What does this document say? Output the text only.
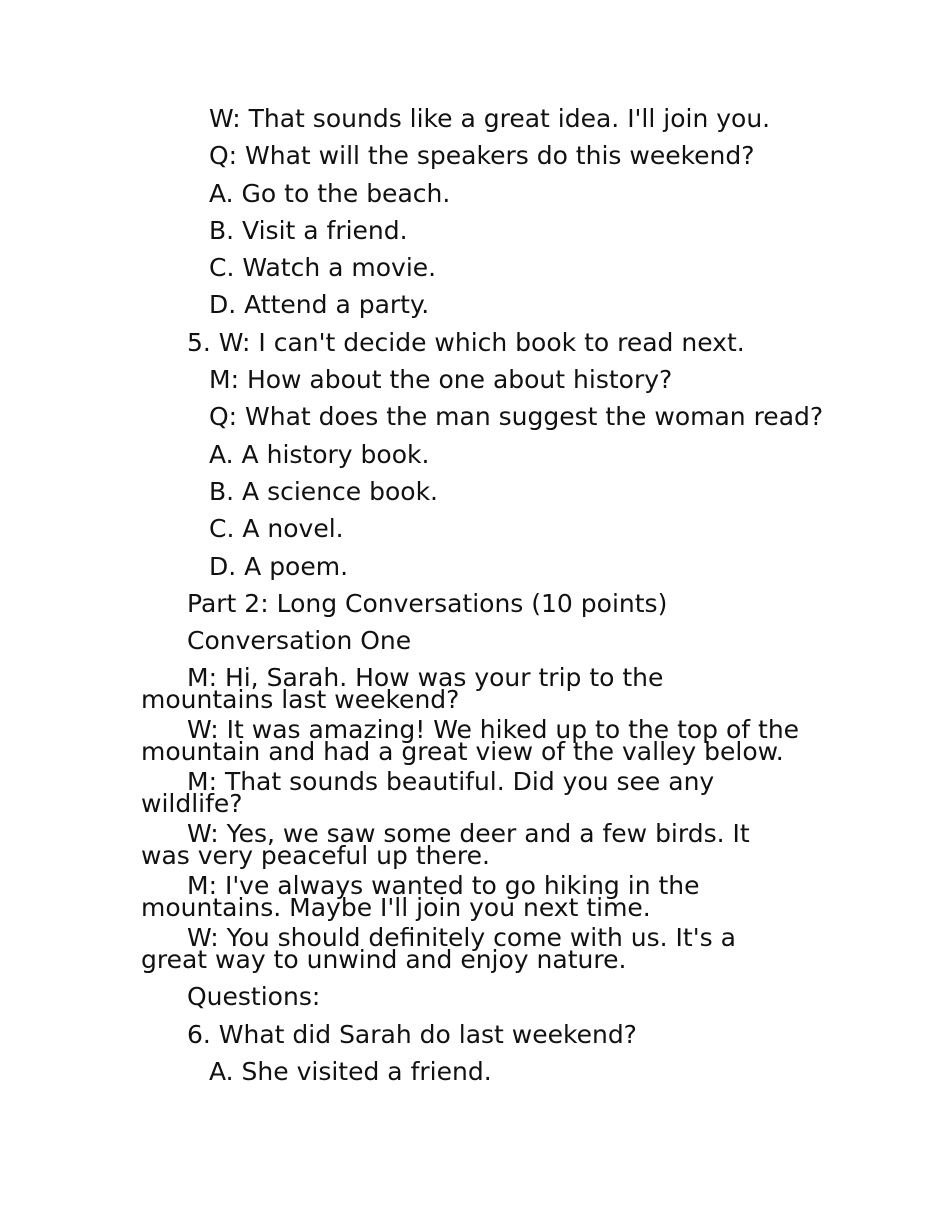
W: That sounds like a great idea. I'll join you.
Q: What will the speakers do this weekend?
A. Go to the beach.
B. Visit a friend.
C. Watch a movie.
D. Attend a party.
5. W: I can't decide which book to read next.
M: How about the one about history?
Q: What does the man suggest the woman read?
A. A history book.
B. A science book.
C. A novel.
D. A poem.
Part 2: Long Conversations (10 points)
Conversation One
M: Hi, Sarah. How was your trip to the mountains last weekend?
W: It was amazing! We hiked up to the top of the mountain and had a great view of the valley below.
M: That sounds beautiful. Did you see any wildlife?
W: Yes, we saw some deer and a few birds. It was very peaceful up there.
M: I've always wanted to go hiking in the mountains. Maybe I'll join you next time.
W: You should definitely come with us. It's a great way to unwind and enjoy nature.
Questions:
6. What did Sarah do last weekend?
A. She visited a friend.
